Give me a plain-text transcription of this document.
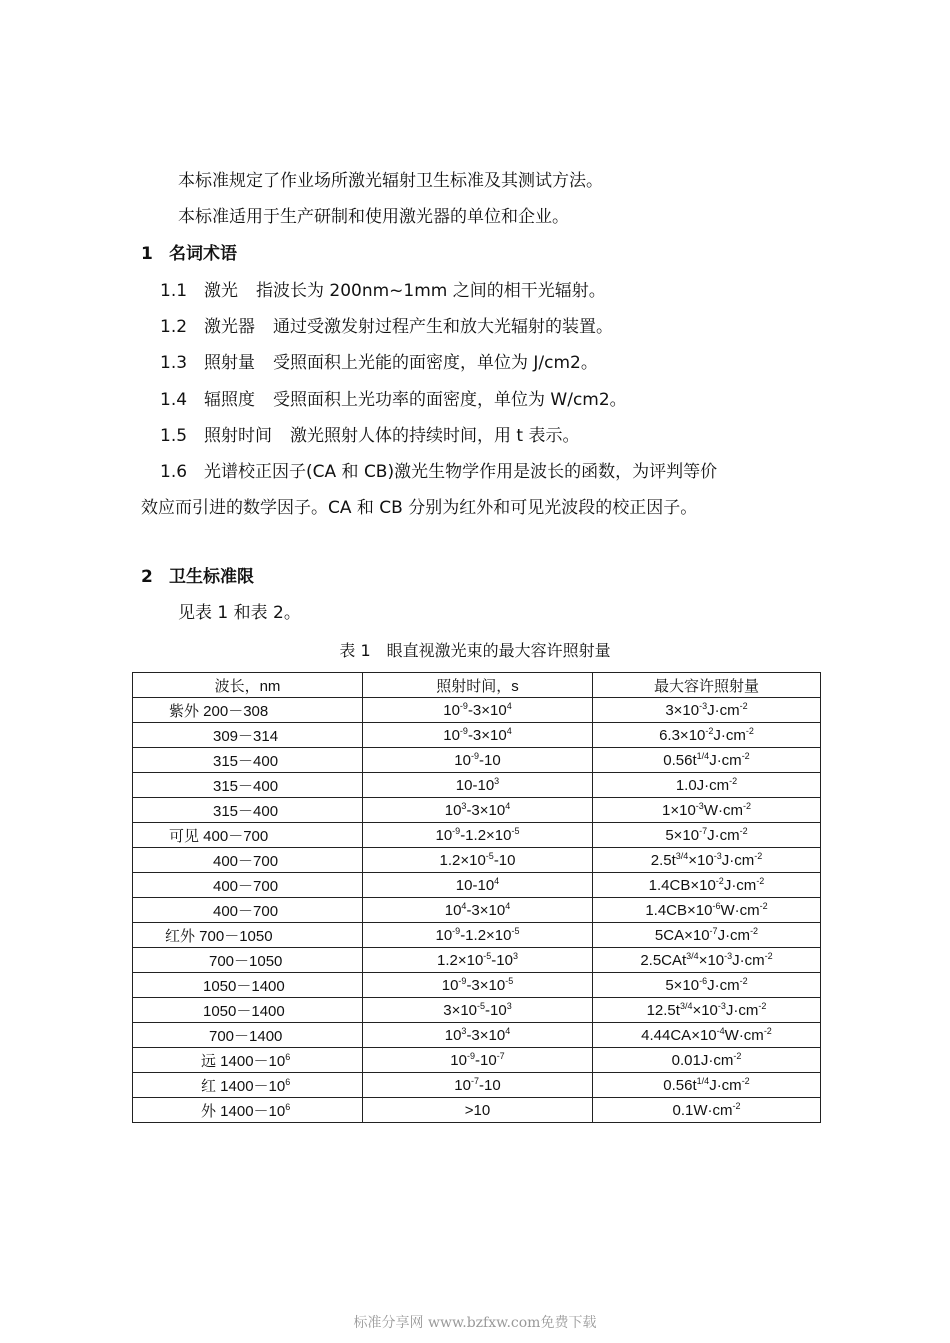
本标准规定了作业场所激光辐射卫生标准及其测试方法。
本标准适用于生产研制和使用激光器的单位和企业。
1 名词术语
1.1 激光 指波长为 200nm~1mm 之间的相干光辐射。
1.2 激光器 通过受激发射过程产生和放大光辐射的装置。
1.3 照射量 受照面积上光能的面密度，单位为 J/cm2。
1.4 辐照度 受照面积上光功率的面密度，单位为 W/cm2。
1.5 照射时间 激光照射人体的持续时间，用 t 表示。
1.6 光谱校正因子(CA 和 CB)激光生物学作用是波长的函数，为评判等价
效应而引进的数学因子。CA 和 CB 分别为红外和可见光波段的校正因子。
2 卫生标准限
见表 1 和表 2。
表 1　眼直视激光束的最大容许照射量
波长，nm	照射时间，s	最大容许照射量
紫外 200－308	$10^{-9}-3\times 10^4$	$3\times 10^{-3}J\cdot cm^{-2}$
309－314	$10^{-9}-3\times 10^4$	$6.3\times 10^{-2}J\cdot cm^{-2}$
315－400	$10^{-9}-10$	$0.56t^{1/4}J\cdot cm^{-2}$
315－400	$10-10^3$	$1.0J\cdot cm^{-2}$
315－400	$10^3-3\times 10^4$	$1\times 10^{-3}W\cdot cm^{-2}$
可见 400－700	$10^{-9}-1.2\times 10^{-5}$	$5\times 10^{-7}J\cdot cm^{-2}$
400－700	$1.2\times 10^{-5}-10$	$2.5t^{3/4}\times 10^{-3}J\cdot cm^{-2}$
400－700	$10-10^4$	$1.4CB\times 10^{-2}J\cdot cm^{-2}$
400－700	$10^4-3\times 10^4$	$1.4CB\times 10^{-6}W\cdot cm^{-2}$
红外 700－1050	$10^{-9}-1.2\times 10^{-5}$	$5CA\times 10^{-7}J\cdot cm^{-2}$
700－1050	$1.2\times 10^{-5}-10^3$	$2.5CAt^{3/4}\times 10^{-3}J\cdot cm^{-2}$
1050－1400	$10^{-9}-3\times 10^{-5}$	$5\times 10^{-6}J\cdot cm^{-2}$
1050－1400	$3\times 10^{-5}-10^3$	$12.5t^{3/4}\times 10^{-3}J\cdot cm^{-2}$
700－1400	$10^3-3\times 10^4$	$4.44CA\times 10^{-4}W\cdot cm^{-2}$
远 $1400-10^6$	$10^{-9}-10^{-7}$	$0.01J\cdot cm^{-2}$
红 $1400-10^6$	$10^{-7}-10$	$0.56t^{1/4}J\cdot cm^{-2}$
外 $1400-10^6$	>10	$0.1W\cdot cm^{-2}$
标准分享网 www.bzfxw.com免费下载
